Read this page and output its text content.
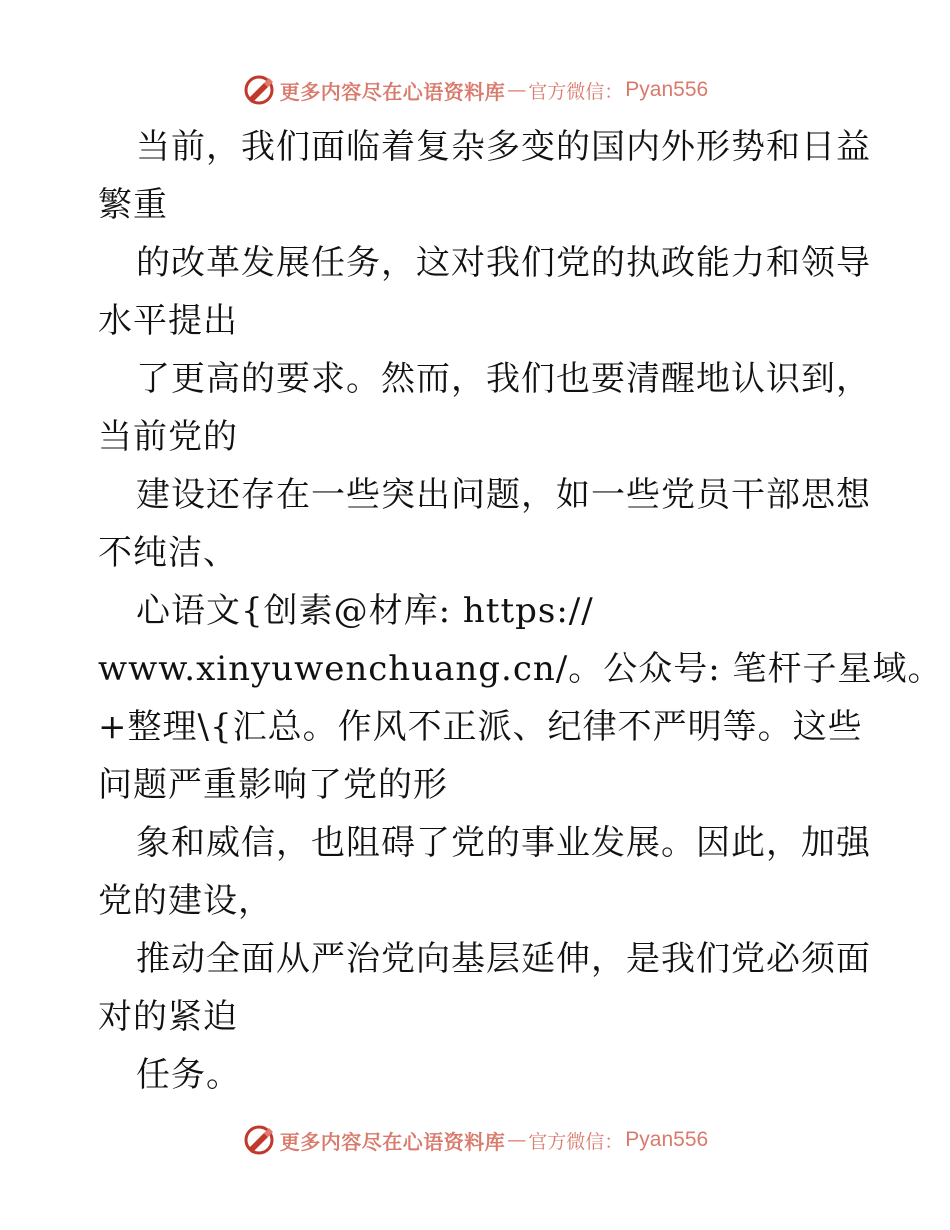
更多内容尽在心语资料库 — 官方微信： Pyan556
当前，我们面临着复杂多变的国内外形势和日益
繁重
的改革发展任务，这对我们党的执政能力和领导
水平提出
了更高的要求。然而，我们也要清醒地认识到，
当前党的
建设还存在一些突出问题，如一些党员干部思想
不纯洁、
心语文{创素@材库: https://
www.xinyuwenchuang.cn/。公众号: 笔杆子星域。
+整理\{汇总。作风不正派、纪律不严明等。这些
问题严重影响了党的形
象和威信，也阻碍了党的事业发展。因此，加强
党的建设，
推动全面从严治党向基层延伸，是我们党必须面
对的紧迫
任务。
更多内容尽在心语资料库 — 官方微信： Pyan556
